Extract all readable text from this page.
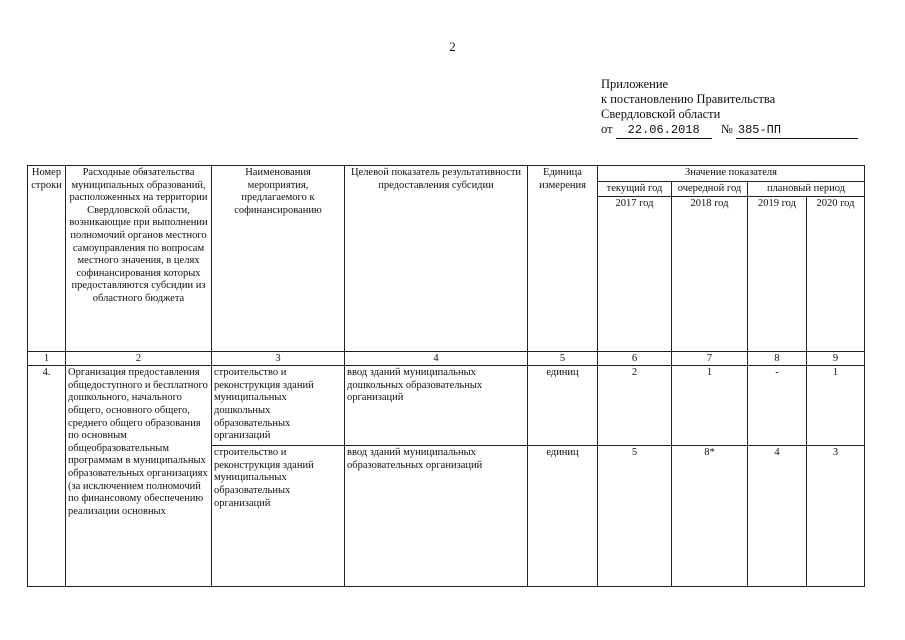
2
Приложение
к постановлению Правительства
Свердловской области
от 22.06.2018 № 385-ПП
Номер строки	Расходные обязательства муниципальных образований, расположенных на территории Свердловской области, возникающие при выполнении полномочий органов местного самоуправления по вопросам местного значения, в целях софинансирования которых предоставляются субсидии из областного бюджета	Наименования мероприятия, предлагаемого к софинансированию	Целевой показатель результативности предоставления субсидии	Единица измерения	Значение показателя			
					текущий год	очередной год	плановый период	
					2017 год	2018 год	2019 год	2020 год
1	2	3	4	5	6	7	8	9
4.	Организация предоставления общедоступного и бесплатного дошкольного, начального общего, основного общего, среднего общего образования по основным общеобразовательным программам в муниципальных образовательных организациях (за исключением полномочий по финансовому обеспечению реализации основных	строительство и реконструкция зданий муниципальных дошкольных образовательных организаций	ввод зданий муниципальных дошкольных образовательных организаций	единиц	2	1	-	1
		строительство и реконструкция зданий муниципальных образовательных организаций	ввод зданий муниципальных образовательных организаций	единиц	5	8*	4	3
